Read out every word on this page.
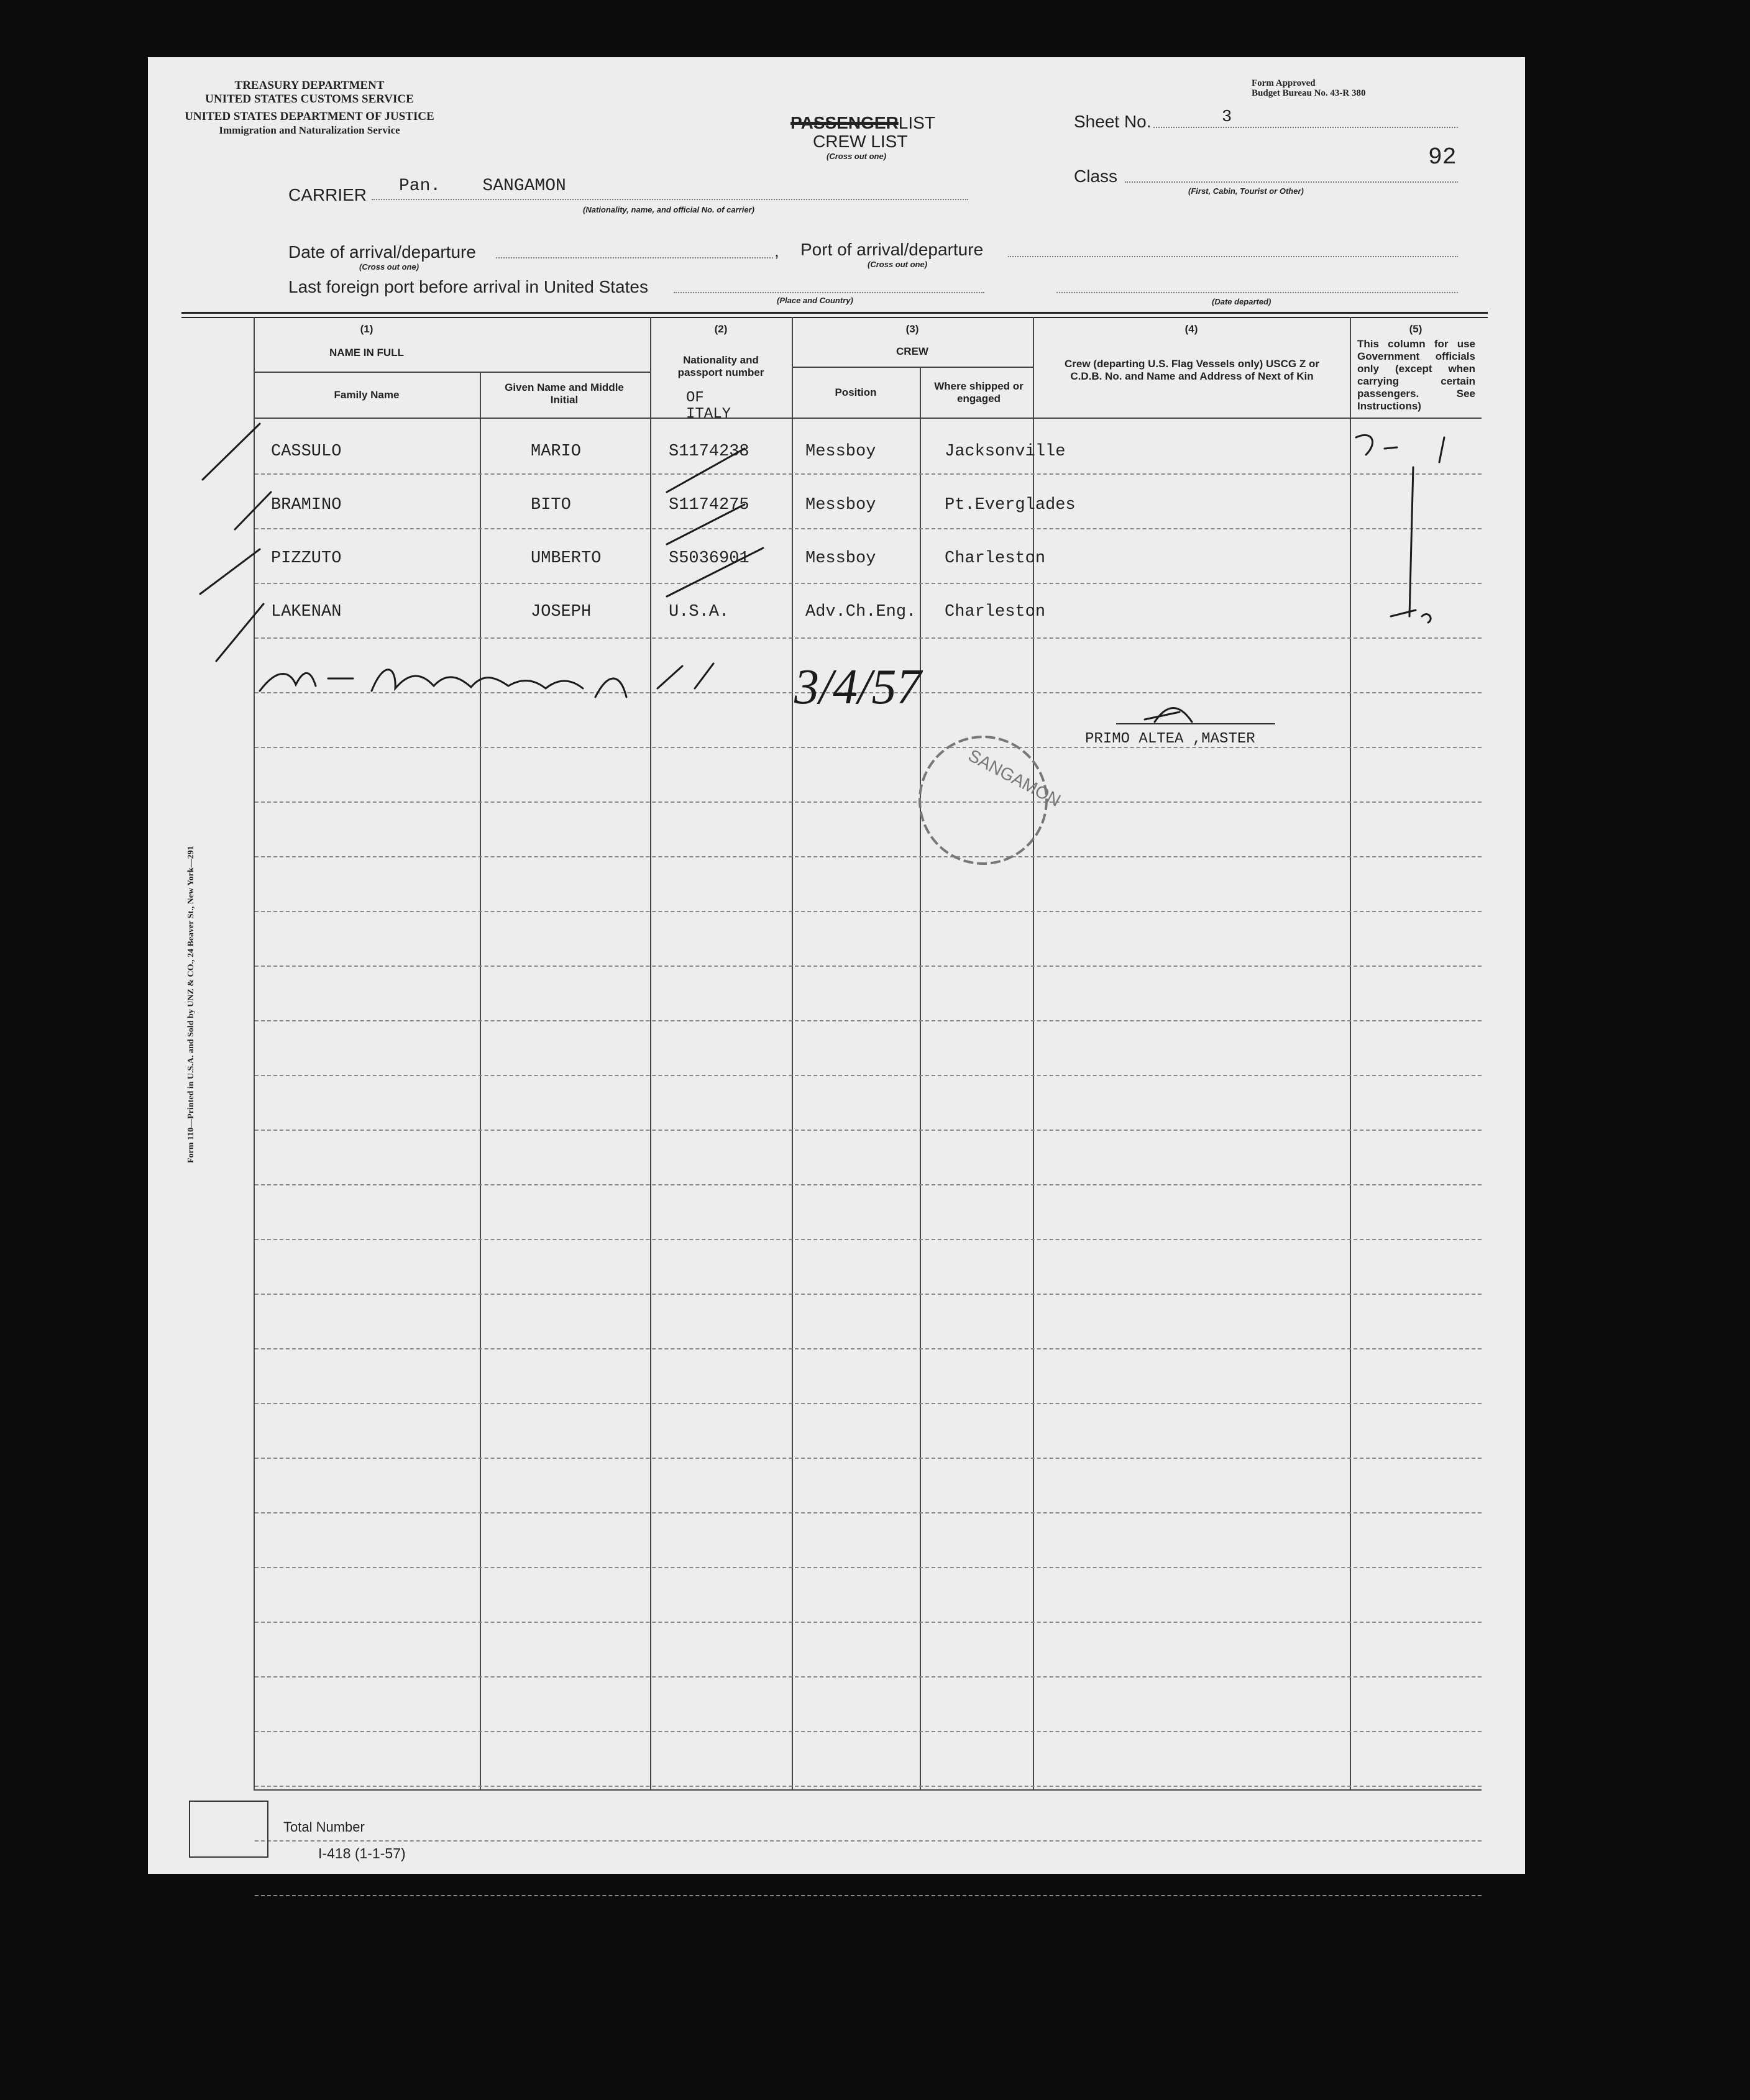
TREASURY DEPARTMENT
UNITED STATES CUSTOMS SERVICE
UNITED STATES DEPARTMENT OF JUSTICE
Immigration and Naturalization Service	PASSENGERLIST
CREW LIST
(Cross out one)
Form Approved
Budget Bureau No. 43-R 380
Sheet No.	3
92
Class
(First, Cabin, Tourist or Other)
CARRIER Pan.    SANGAMON
(Nationality, name, and official No. of carrier)
Date of arrival/departure	,
(Cross out one)
Port of arrival/departure
(Cross out one)
Last foreign port before arrival in United States
(Place and Country)	(Date departed)
(1)
NAME IN FULL
Family Name
Given Name and Middle Initial
(2)
Nationality and passport number
(3)
CREW
Position
Where shipped or engaged
(4)
Crew (departing U.S. Flag Vessels only) USCG Z or C.D.B. No. and Name and Address of Next of Kin
(5)
This column for use Government officials only (except when carrying certain passengers. See Instructions)
OF ITALY
CASSULO	MARIO	S1174238	Messboy	Jacksonville
BRAMINO	BITO	S1174275	Messboy	Pt.Everglades
PIZZUTO	UMBERTO	S5036901	Messboy	Charleston
LAKENAN	JOSEPH	U.S.A.	Adv.Ch.Eng. Charleston
3/4/57
SANGAMON
PRIMO ALTEA ,MASTER
Form 110—Printed in U.S.A. and Sold by UNZ & CO., 24 Beaver St., New York—291
Total Number
I-418 (1-1-57)
